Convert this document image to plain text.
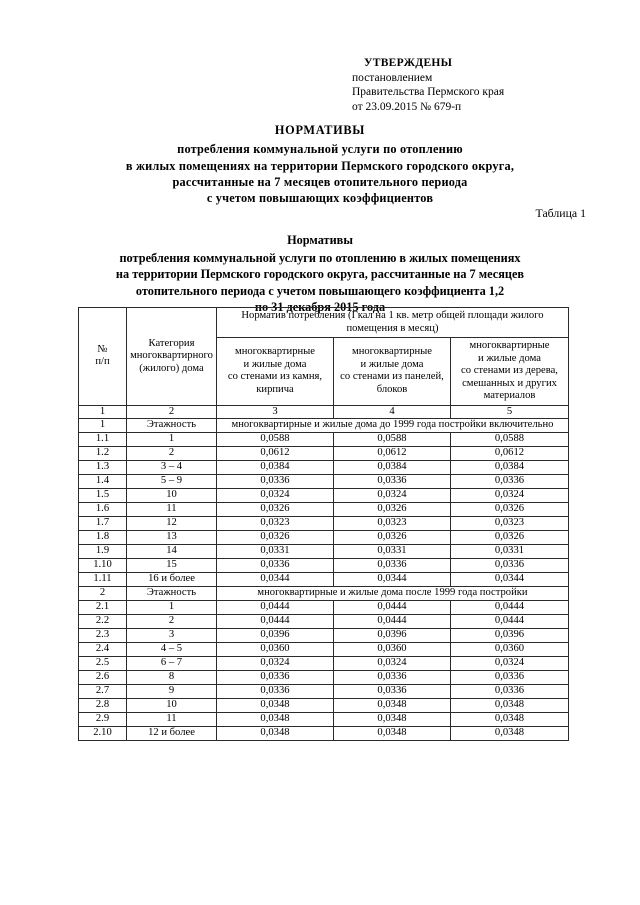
УТВЕРЖДЕНЫ
постановлением
Правительства Пермского края
от 23.09.2015 № 679-п
НОРМАТИВЫ
потребления коммунальной услуги по отоплению
в жилых помещениях на территории Пермского городского округа,
рассчитанные на 7 месяцев отопительного периода
с учетом повышающих коэффициентов
Таблица 1
Нормативы
потребления коммунальной услуги по отоплению в жилых помещениях
на территории Пермского городского округа, рассчитанные на 7 месяцев
отопительного периода с учетом повышающего коэффициента 1,2
по 31 декабря 2015 года
№
п/п	Категория
многоквартирного
(жилого) дома	Норматив потребления (Гкал на 1 кв. метр общей площади жилого помещения в месяц)		
		многоквартирные
и жилые дома
со стенами из камня,
кирпича	многоквартирные
и жилые дома
со стенами из панелей,
блоков	многоквартирные
и жилые дома
со стенами из дерева,
смешанных и других
материалов
1	2	3	4	5
1	Этажность	многоквартирные и жилые дома до 1999 года постройки включительно		
1.1	1	0,0588	0,0588	0,0588
1.2	2	0,0612	0,0612	0,0612
1.3	3 – 4	0,0384	0,0384	0,0384
1.4	5 – 9	0,0336	0,0336	0,0336
1.5	10	0,0324	0,0324	0,0324
1.6	11	0,0326	0,0326	0,0326
1.7	12	0,0323	0,0323	0,0323
1.8	13	0,0326	0,0326	0,0326
1.9	14	0,0331	0,0331	0,0331
1.10	15	0,0336	0,0336	0,0336
1.11	16 и более	0,0344	0,0344	0,0344
2	Этажность	многоквартирные и жилые дома после 1999 года постройки		
2.1	1	0,0444	0,0444	0,0444
2.2	2	0,0444	0,0444	0,0444
2.3	3	0,0396	0,0396	0,0396
2.4	4 – 5	0,0360	0,0360	0,0360
2.5	6 – 7	0,0324	0,0324	0,0324
2.6	8	0,0336	0,0336	0,0336
2.7	9	0,0336	0,0336	0,0336
2.8	10	0,0348	0,0348	0,0348
2.9	11	0,0348	0,0348	0,0348
2.10	12 и более	0,0348	0,0348	0,0348
